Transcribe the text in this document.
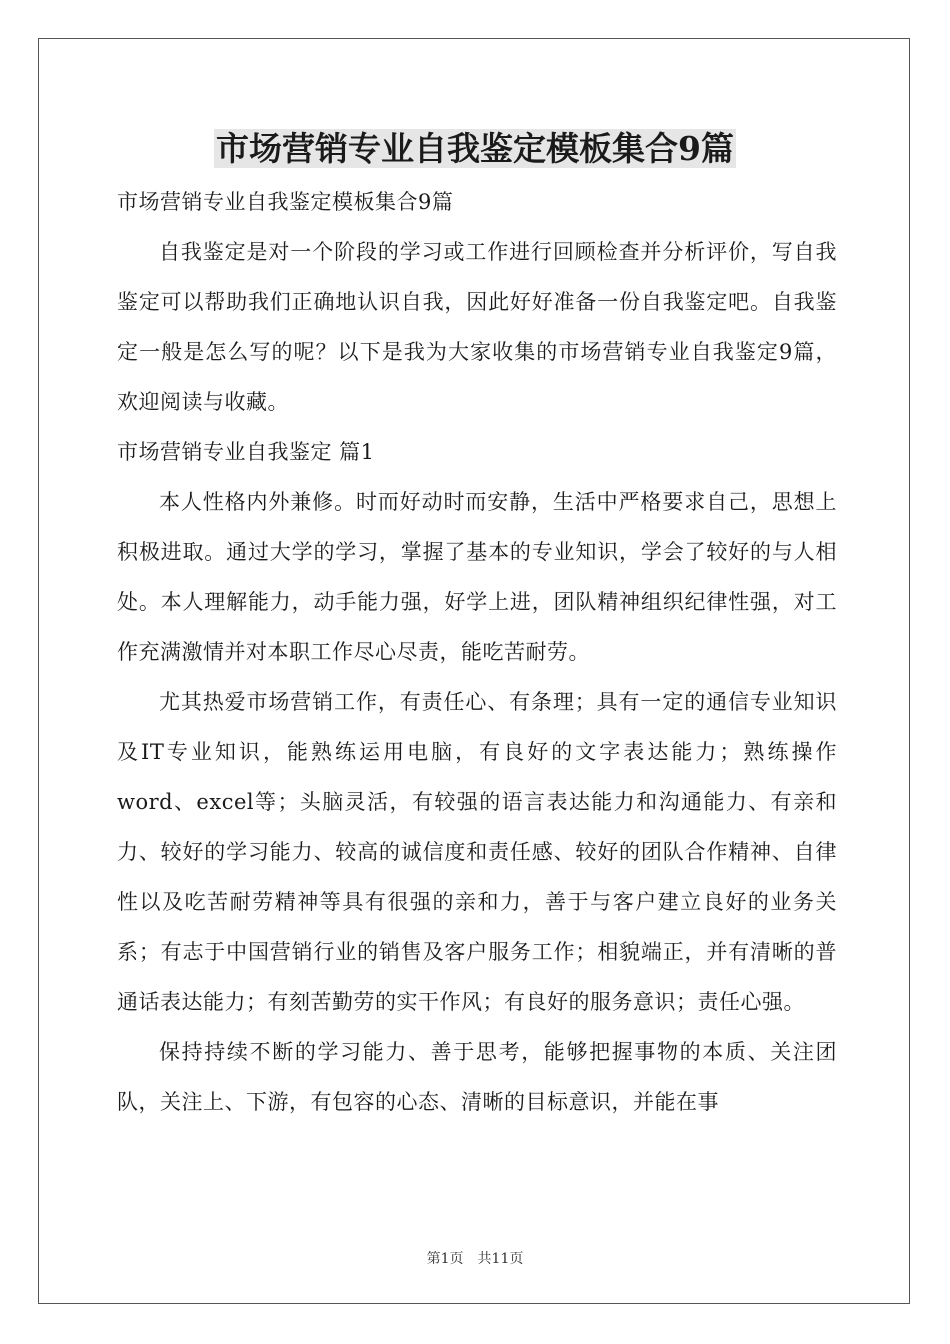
市场营销专业自我鉴定模板集合9篇

市场营销专业自我鉴定模板集合9篇

自我鉴定是对一个阶段的学习或工作进行回顾检查并分析评价，写自我鉴定可以帮助我们正确地认识自我，因此好好准备一份自我鉴定吧。自我鉴定一般是怎么写的呢？以下是我为大家收集的市场营销专业自我鉴定9篇，欢迎阅读与收藏。

市场营销专业自我鉴定 篇1

本人性格内外兼修。时而好动时而安静，生活中严格要求自己，思想上积极进取。通过大学的学习，掌握了基本的专业知识，学会了较好的与人相处。本人理解能力，动手能力强，好学上进，团队精神组织纪律性强，对工作充满激情并对本职工作尽心尽责，能吃苦耐劳。

尤其热爱市场营销工作，有责任心、有条理；具有一定的通信专业知识及IT专业知识，能熟练运用电脑，有良好的文字表达能力；熟练操作word、excel等；头脑灵活，有较强的语言表达能力和沟通能力、有亲和力、较好的学习能力、较高的诚信度和责任感、较好的团队合作精神、自律性以及吃苦耐劳精神等具有很强的亲和力，善于与客户建立良好的业务关系；有志于中国营销行业的销售及客户服务工作；相貌端正，并有清晰的普通话表达能力；有刻苦勤劳的实干作风；有良好的服务意识；责任心强。

保持持续不断的学习能力、善于思考，能够把握事物的本质、关注团队，关注上、下游，有包容的心态、清晰的目标意识，并能在事

第1页 共11页
